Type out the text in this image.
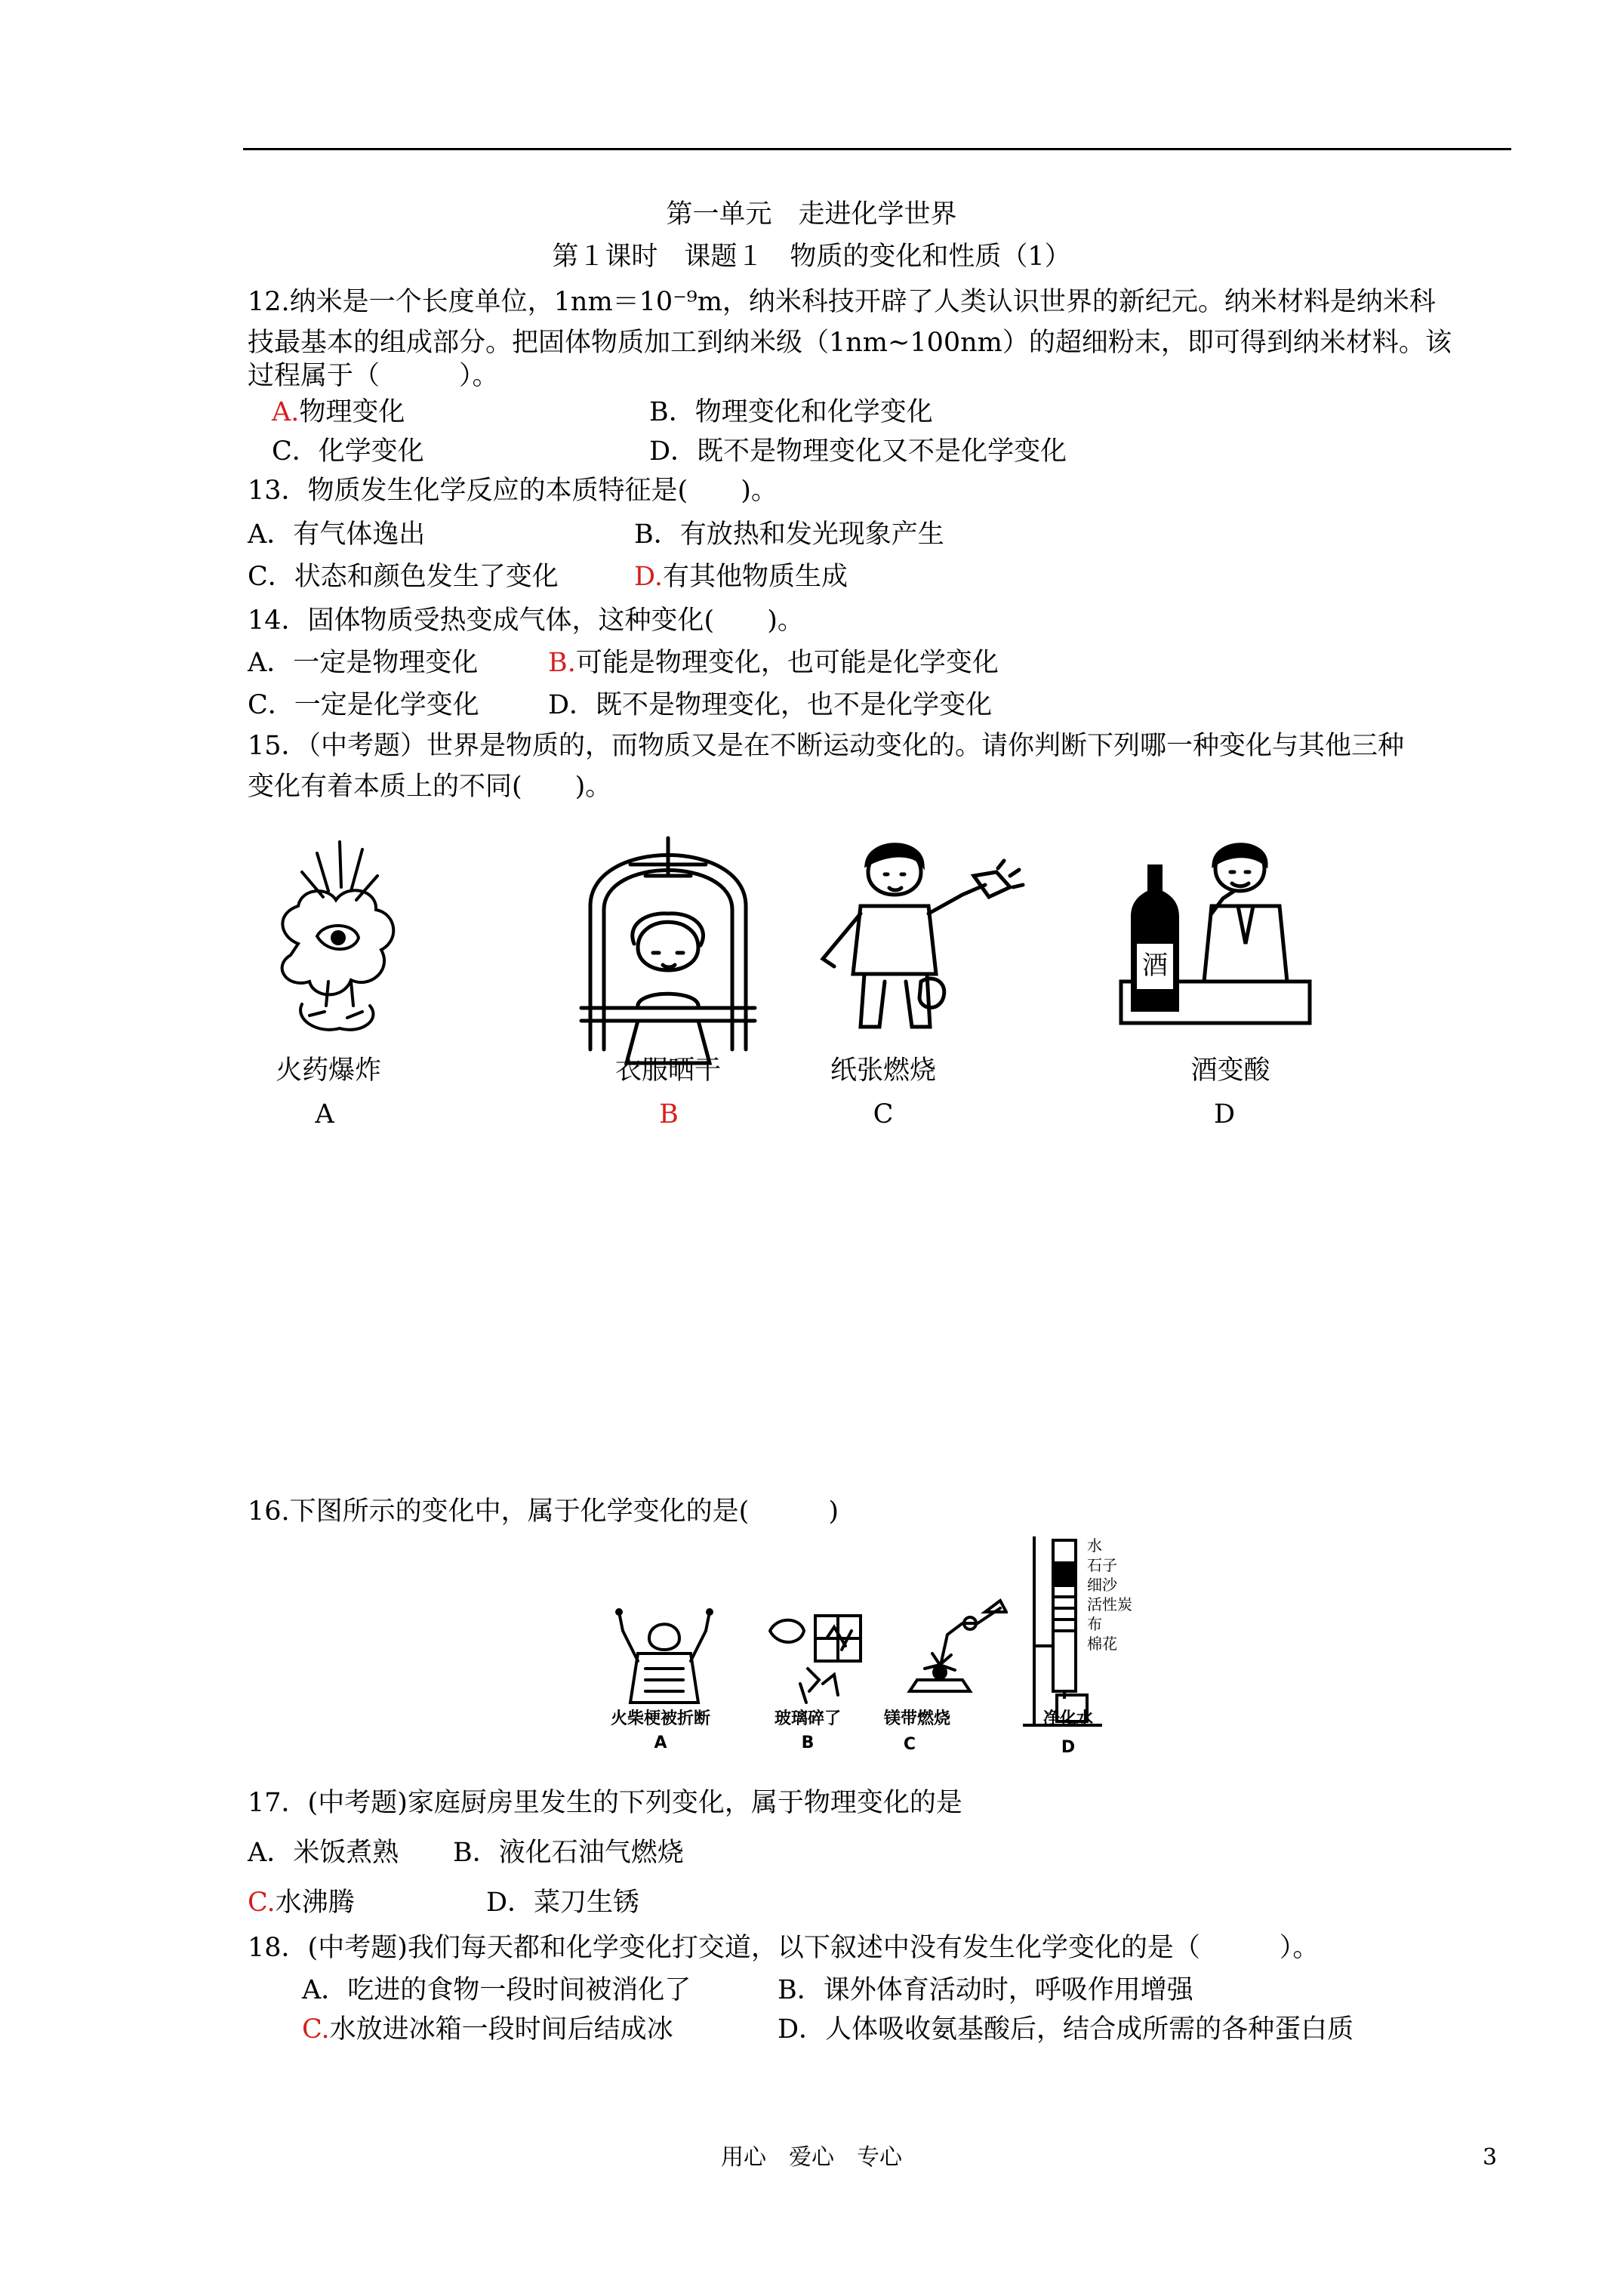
第一单元　走进化学世界
第１课时　课题１　物质的变化和性质（1）
12.纳米是一个长度单位，1nm＝10⁻⁹m，纳米科技开辟了人类认识世界的新纪元。纳米材料是纳米科
技最基本的组成部分。把固体物质加工到纳米级（1nm~100nm）的超细粉末，即可得到纳米材料。该
过程属于（　　　）。
A.物理变化	B．物理变化和化学变化
C．化学变化	D．既不是物理变化又不是化学变化
13．物质发生化学反应的本质特征是(　　)。
A．有气体逸出	B．有放热和发光现象产生
C．状态和颜色发生了变化	D.有其他物质生成
14．固体物质受热变成气体，这种变化(　　)。
A．一定是物理变化	B.可能是物理变化，也可能是化学变化
C．一定是化学变化	D．既不是物理变化，也不是化学变化
15．（中考题）世界是物质的，而物质又是在不断运动变化的。请你判断下列哪一种变化与其他三种
变化有着本质上的不同(　　)。
酒
火药爆炸	衣服晒干	纸张燃烧	酒变酸
A	B	C	D
16.下图所示的变化中，属于化学变化的是(　　　)
水
石子
细沙
活性炭
布
棉花
火柴梗被折断	玻璃碎了	镁带燃烧	净化水
A	B	C	D
17．(中考题)家庭厨房里发生的下列变化，属于物理变化的是
A．米饭煮熟 B．液化石油气燃烧
C.水沸腾	D．菜刀生锈
18．(中考题)我们每天都和化学变化打交道，以下叙述中没有发生化学变化的是（　　　）。
A．吃进的食物一段时间被消化了	B．课外体育活动时，呼吸作用增强
C.水放进冰箱一段时间后结成冰	D．人体吸收氨基酸后，结合成所需的各种蛋白质
用心　爱心　专心	3
